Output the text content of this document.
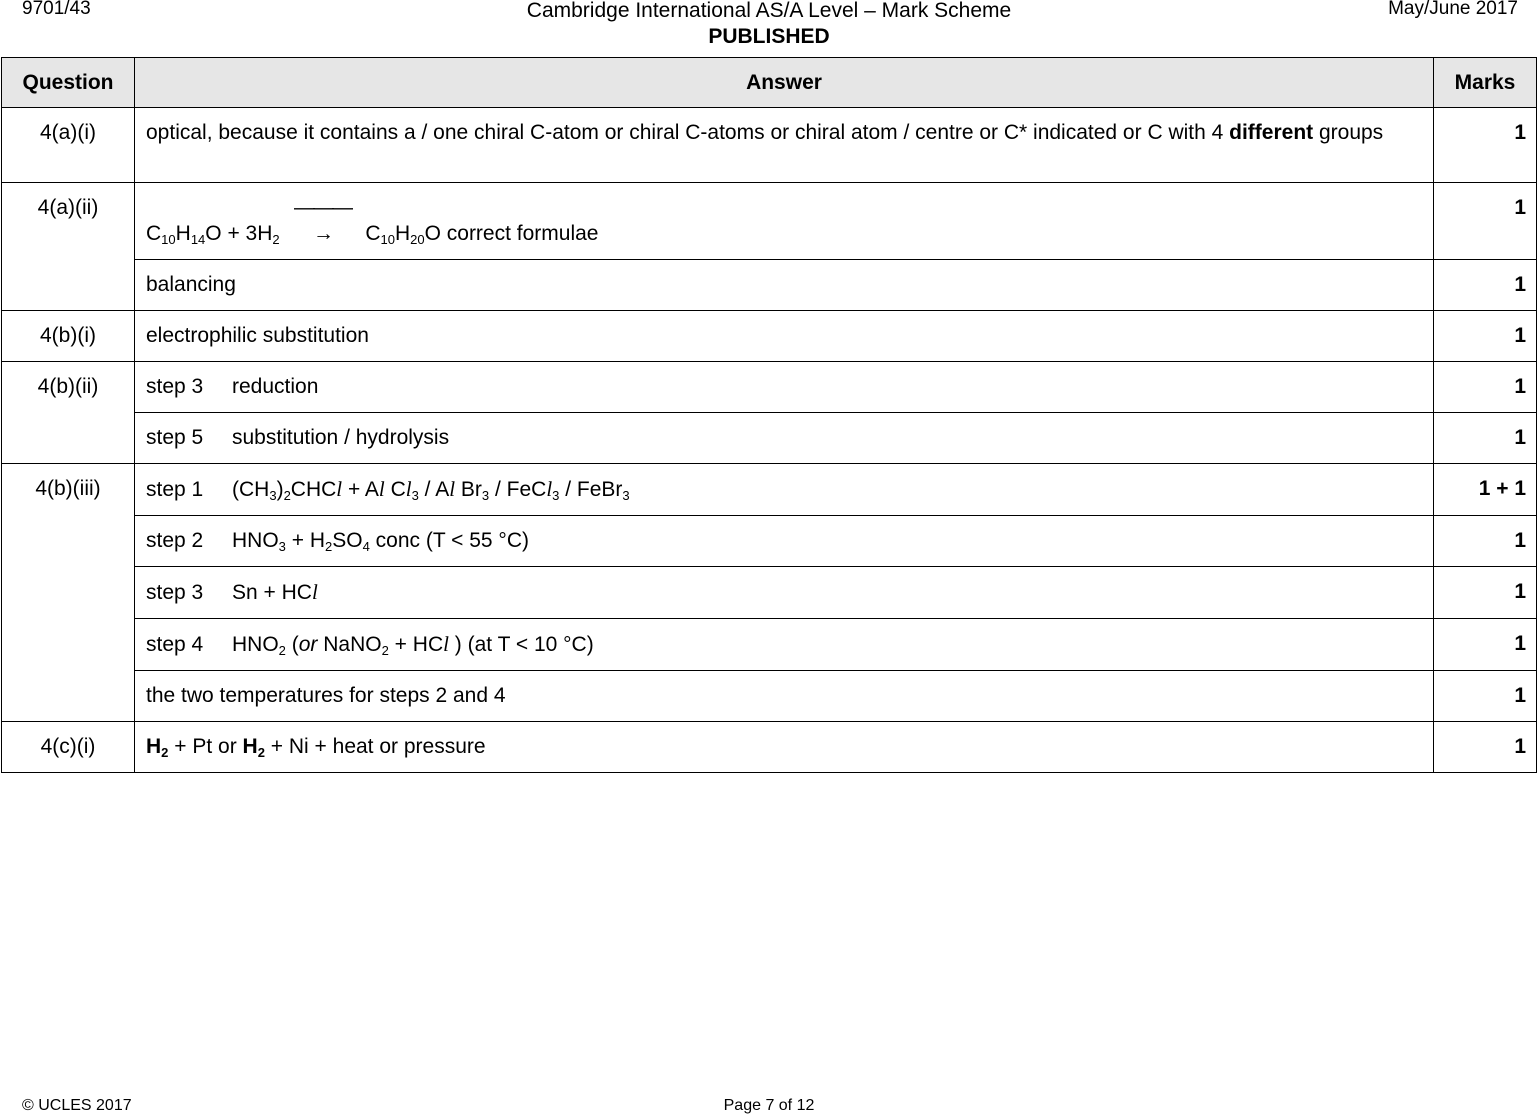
9701/43	Cambridge International AS/A Level – Mark Scheme
PUBLISHED
May/June 2017
Question	Answer	Marks
4(a)(i)	optical, because it contains a / one chiral C-atom or chiral C-atoms or chiral atom / centre or C* indicated or C with 4 different groups	1
4(a)(ii)	$C_{10}H_{14}O + 3H_2$ ———→ $C_{10}H_{20}O$ correct formulae	1
	balancing	1
4(b)(i)	electrophilic substitution	1
4(b)(ii)	step 3 reduction	1
	step 5 substitution / hydrolysis	1
4(b)(iii)	step 1 $(CH_3)_2CHCl + Al$ $Cl_3$ / Al $Br_3$ / FeCl$_3$ / FeBr$_3$	1 + 1
	step 2 $HNO_3 + H_2SO_4$ conc (T < 55 °C)	1
	step 3 Sn + HCl	1
	step 4 $HNO_2$ (or NaNO$_2$ + HCl ) (at T < 10 °C)	1
	the two temperatures for steps 2 and 4	1
4(c)(i)	$H_2 + Pt$ or $H_2 + Ni$ + heat or pressure	1
© UCLES 2017	Page 7 of 12
